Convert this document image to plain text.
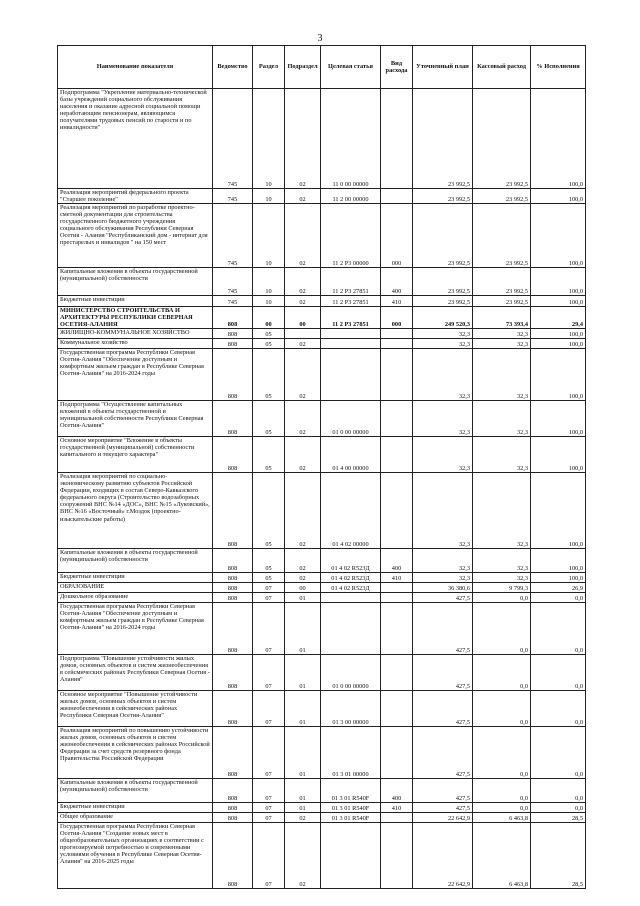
3
Наименование показателя	Ведомство	Раздел	Подраздел	Целевая статья	Вид расхода	Уточненный план	Кассовый расход	% Исполнения
Подпрограмма "Укрепление материально-технической базы учреждений социального обслуживания населения и оказание адресной социальной помощи неработающим пенсионерам, являющимся получателями трудовых пенсий по старости и по инвалидности"	745	10	02	11 0 00 00000		23 992,5	23 992,5	100,0
Реализация мероприятий федерального проекта "Старшее поколение"	745	10	02	11 2 00 00000		23 992,5	23 992,5	100,0
Реализация мероприятий по разработке проектно-сметной документации для строительства государственного бюджетного учреждения социального обслуживания Республики Северная Осетия - Алания "Республиканский дом - интернат для престарелых и инвалидов " на 150 мест	745	10	02	11 2 P3 00000	000	23 992,5	23 992,5	100,0
Капитальные вложения в объекты государственной (муниципальной) собственности	745	10	02	11 2 P3 27851	400	23 992,5	23 992,5	100,0
Бюджетные инвестиции	745	10	02	11 2 P3 27851	410	23 992,5	23 992,5	100,0
МИНИСТЕРСТВО СТРОИТЕЛЬСТВА И АРХИТЕКТУРЫ РЕСПУБЛИКИ СЕВЕРНАЯ ОСЕТИЯ-АЛАНИЯ	808	00	00	11 2 P3 27851	000	249 520,3	73 393,4	29,4
ЖИЛИЩНО-КОММУНАЛЬНОЕ ХОЗЯЙСТВО	808	05				32,3	32,3	100,0
Коммунальное хозяйство	808	05	02			32,3	32,3	100,0
Государственная программа Республики Северная Осетия-Алания "Обеспечение доступным и комфортным жильем граждан в Республике Северная Осетия-Алания" на 2016-2024 годы	808	05	02			32,3	32,3	100,0
Подпрограмма "Осуществление капитальных вложений в объекты государственной и муниципальной собственности Республики Северная Осетия-Алания"	808	05	02	01 0 00 00000		32,3	32,3	100,0
Основное мероприятие "Вложение в объекты государственной (муниципальной) собственности капитального и текущего характера"	808	05	02	01 4 00 00000		32,3	32,3	100,0
Реализация мероприятий по социально-экономическому развитию субъектов Российской Федерации, входящих в состав Северо-Кавказского федерального округа (Строительство водозаборных сооружений ВНС №14 «ДОС», ВНС №15 «Луковский», ВНС №16 «Восточный» г.Моздок (проектно-изыскательские работы)	808	05	02	01 4 02 00000		32,3	32,3	100,0
Капитальные вложения в объекты государственной (муниципальной) собственности	808	05	02	01 4 02 R523Д	400	32,3	32,3	100,0
Бюджетные инвестиции	808	05	02	01 4 02 R523Д	410	32,3	32,3	100,0
ОБРАЗОВАНИЕ	808	07	00	01 4 02 R523Д		36 380,6	9 799,3	26,9
Дошкольное образование	808	07	01			427,5	0,0	0,0
Государственная программа Республики Северная Осетия-Алания "Обеспечение доступным и комфортным жильем граждан в Республике Северная Осетия-Алания" на 2016-2024 годы	808	07	01			427,5	0,0	0,0
Подпрограмма "Повышение устойчивости жилых домов, основных объектов и систем жизнеобеспечения в сейсмических районах Республики Северная Осетия - Алания"	808	07	01	01 0 00 00000		427,5	0,0	0,0
Основное мероприятие "Повышение устойчивости жилых домов, основных объектов и систем жизнеобеспечения в сейсмических районах Республики Северная Осетия-Алания"	808	07	01	01 3 00 00000		427,5	0,0	0,0
Реализация мероприятий по повышению устойчивости жилых домов, основных объектов и систем жизнеобеспечения в сейсмических районах Российской Федерации за счет средств резервного фонда Правительства Российской Федерации	808	07	01	01 3 01 00000		427,5	0,0	0,0
Капитальные вложения в объекты государственной (муниципальной) собственности	808	07	01	01 3 01 R540F	400	427,5	0,0	0,0
Бюджетные инвестиции	808	07	01	01 3 01 R540F	410	427,5	0,0	0,0
Общее образование	808	07	02	01 3 01 R540F		22 642,9	6 463,8	28,5
Государственная программа Республики Северная Осетия-Алания "Создание новых мест в общеобразовательных организациях в соответствии с прогнозируемой потребностью и современными условиями обучения в Республике Северная Осетия-Алания" на 2016-2025 годы	808	07	02			22 642,9	6 463,8	28,5
